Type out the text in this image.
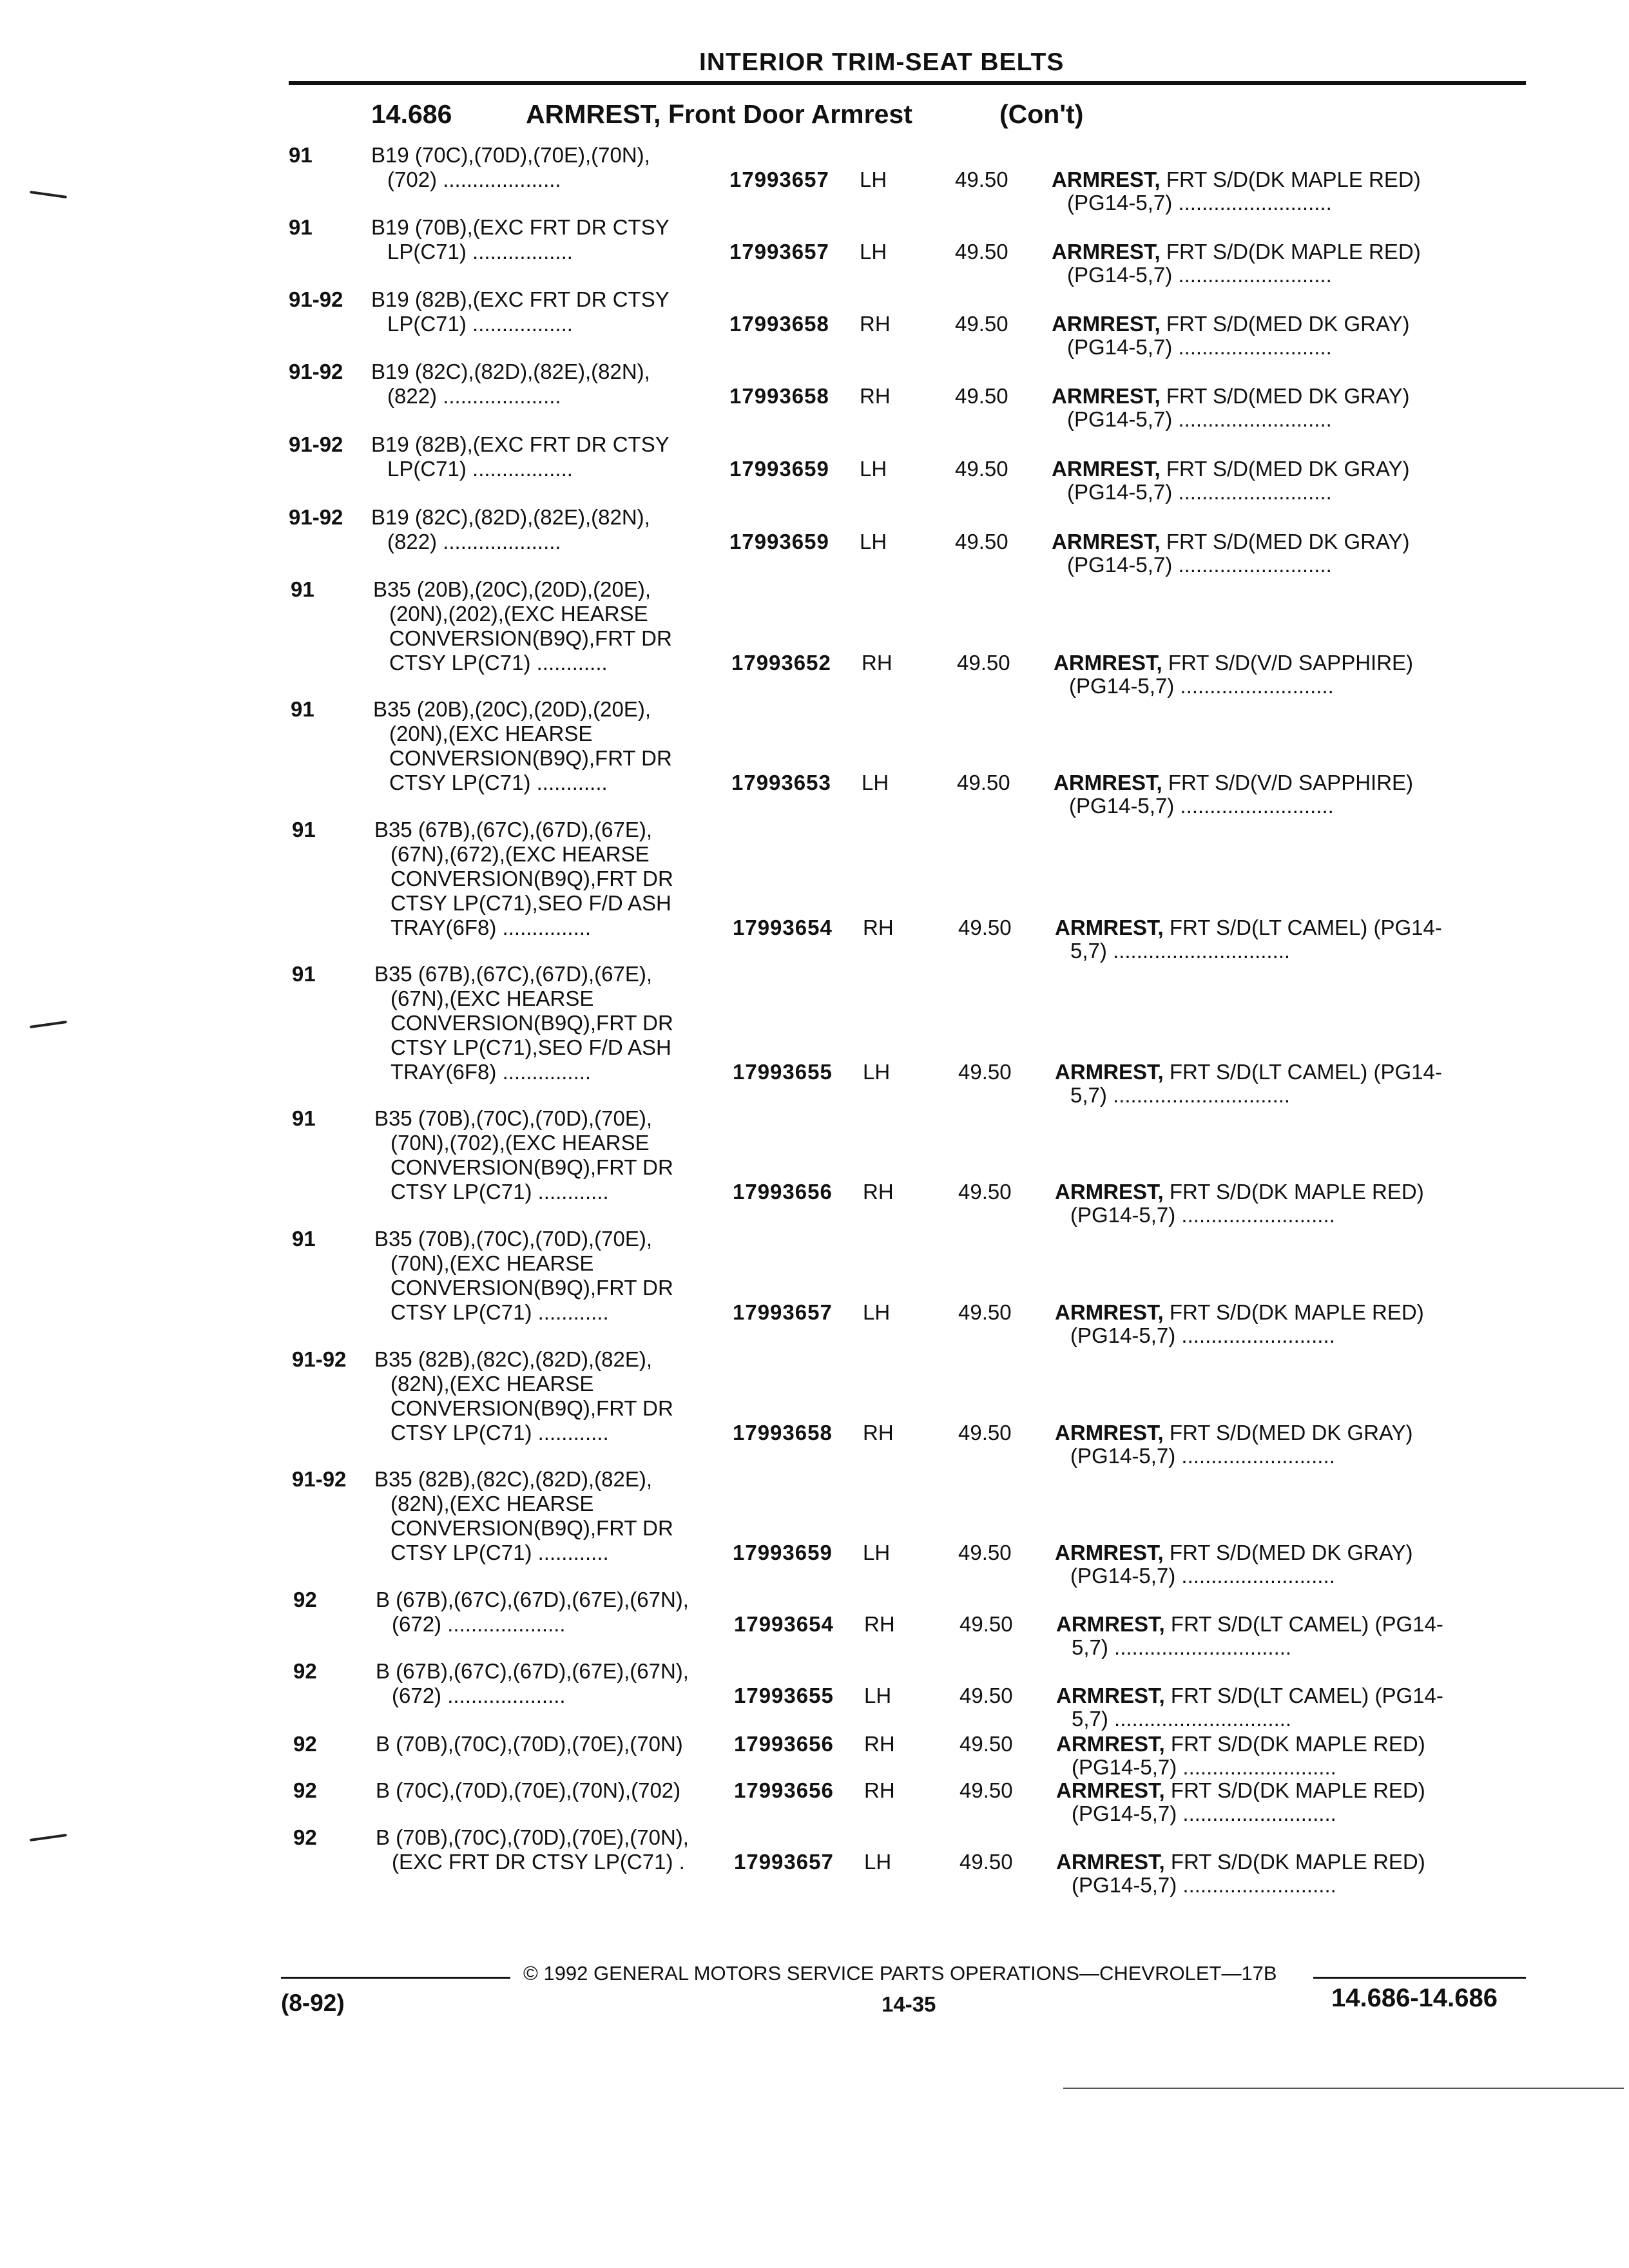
INTERIOR TRIM-SEAT BELTS
14.686	ARMREST, Front Door Armrest	(Con't)
91	B19 (70C),(70D),(70E),(70N),
(702) ....................	17993657 LH	49.50 ARMREST, FRT S/D(DK MAPLE RED)
(PG14-5,7) ..........................
91	B19 (70B),(EXC FRT DR CTSY
LP(C71) .................	17993657 LH	49.50 ARMREST, FRT S/D(DK MAPLE RED)
(PG14-5,7) ..........................
91-92 B19 (82B),(EXC FRT DR CTSY
LP(C71) .................	17993658 RH	49.50 ARMREST, FRT S/D(MED DK GRAY)
(PG14-5,7) ..........................
91-92 B19 (82C),(82D),(82E),(82N),
(822) ....................	17993658 RH	49.50 ARMREST, FRT S/D(MED DK GRAY)
(PG14-5,7) ..........................
91-92 B19 (82B),(EXC FRT DR CTSY
LP(C71) .................	17993659 LH	49.50 ARMREST, FRT S/D(MED DK GRAY)
(PG14-5,7) ..........................
91-92 B19 (82C),(82D),(82E),(82N),
(822) ....................	17993659 LH	49.50 ARMREST, FRT S/D(MED DK GRAY)
(PG14-5,7) ..........................
91	B35 (20B),(20C),(20D),(20E),
(20N),(202),(EXC HEARSE
CONVERSION(B9Q),FRT DR
CTSY LP(C71) ............	17993652 RH	49.50 ARMREST, FRT S/D(V/D SAPPHIRE)
(PG14-5,7) ..........................
91	B35 (20B),(20C),(20D),(20E),
(20N),(EXC HEARSE
CONVERSION(B9Q),FRT DR
CTSY LP(C71) ............	17993653 LH	49.50 ARMREST, FRT S/D(V/D SAPPHIRE)
(PG14-5,7) ..........................
91	B35 (67B),(67C),(67D),(67E),
(67N),(672),(EXC HEARSE
CONVERSION(B9Q),FRT DR
CTSY LP(C71),SEO F/D ASH
TRAY(6F8) ...............	17993654 RH	49.50 ARMREST, FRT S/D(LT CAMEL) (PG14-
5,7) ..............................
91	B35 (67B),(67C),(67D),(67E),
(67N),(EXC HEARSE
CONVERSION(B9Q),FRT DR
CTSY LP(C71),SEO F/D ASH
TRAY(6F8) ...............	17993655 LH	49.50 ARMREST, FRT S/D(LT CAMEL) (PG14-
5,7) ..............................
91	B35 (70B),(70C),(70D),(70E),
(70N),(702),(EXC HEARSE
CONVERSION(B9Q),FRT DR
CTSY LP(C71) ............	17993656 RH	49.50 ARMREST, FRT S/D(DK MAPLE RED)
(PG14-5,7) ..........................
91	B35 (70B),(70C),(70D),(70E),
(70N),(EXC HEARSE
CONVERSION(B9Q),FRT DR
CTSY LP(C71) ............	17993657 LH	49.50 ARMREST, FRT S/D(DK MAPLE RED)
(PG14-5,7) ..........................
91-92 B35 (82B),(82C),(82D),(82E),
(82N),(EXC HEARSE
CONVERSION(B9Q),FRT DR
CTSY LP(C71) ............	17993658 RH	49.50 ARMREST, FRT S/D(MED DK GRAY)
(PG14-5,7) ..........................
91-92 B35 (82B),(82C),(82D),(82E),
(82N),(EXC HEARSE
CONVERSION(B9Q),FRT DR
CTSY LP(C71) ............	17993659 LH	49.50 ARMREST, FRT S/D(MED DK GRAY)
(PG14-5,7) ..........................
92	B (67B),(67C),(67D),(67E),(67N),
(672) ....................	17993654 RH	49.50 ARMREST, FRT S/D(LT CAMEL) (PG14-
5,7) ..............................
92	B (67B),(67C),(67D),(67E),(67N),
(672) ....................	17993655 LH	49.50 ARMREST, FRT S/D(LT CAMEL) (PG14-
5,7) ..............................
92	B (70B),(70C),(70D),(70E),(70N)	17993656 RH	49.50 ARMREST, FRT S/D(DK MAPLE RED)
(PG14-5,7) ..........................
92	B (70C),(70D),(70E),(70N),(702)	17993656 RH	49.50 ARMREST, FRT S/D(DK MAPLE RED)
(PG14-5,7) ..........................
92	B (70B),(70C),(70D),(70E),(70N),
(EXC FRT DR CTSY LP(C71) .	17993657 LH	49.50 ARMREST, FRT S/D(DK MAPLE RED)
(PG14-5,7) ..........................
© 1992 GENERAL MOTORS SERVICE PARTS OPERATIONS—CHEVROLET—17B
(8-92)	14-35	14.686-14.686
